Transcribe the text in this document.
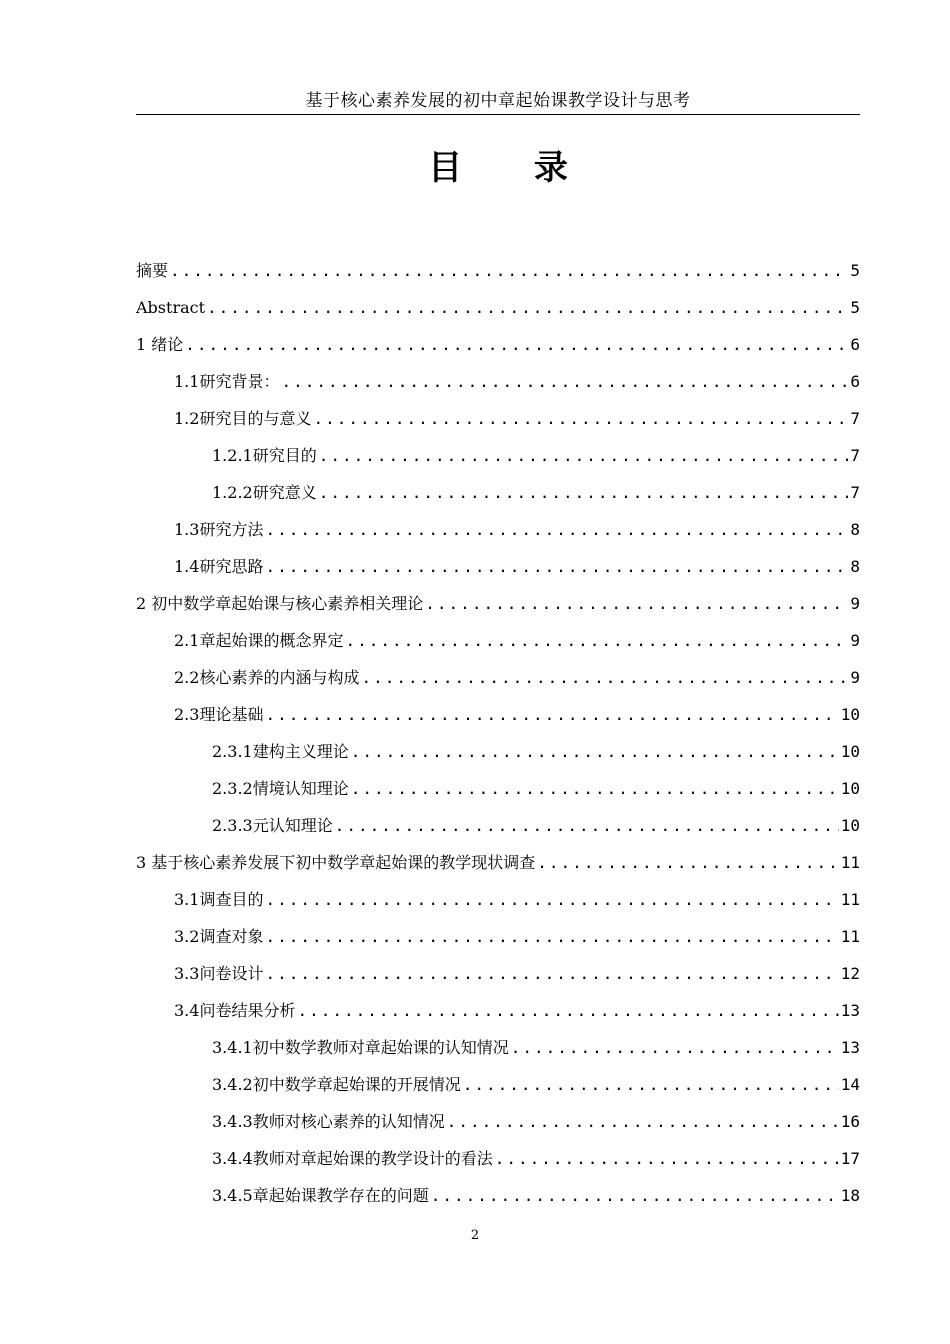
基于核心素养发展的初中章起始课教学设计与思考
目 录
摘要 .....	5
Abstract .....	5
1 绪论 .....	6
1.1研究背景： .....	6
1.2研究目的与意义 .....	7
1.2.1研究目的 .....	7
1.2.2研究意义 .....	7
1.3研究方法 .....	8
1.4研究思路 .....	8
2 初中数学章起始课与核心素养相关理论 .....	9
2.1章起始课的概念界定 .....	9
2.2核心素养的内涵与构成 .....	9
2.3理论基础 .....	10
2.3.1建构主义理论 .....	10
2.3.2情境认知理论 .....	10
2.3.3元认知理论 .....	10
3 基于核心素养发展下初中数学章起始课的教学现状调查 .....	11
3.1调查目的 .....	11
3.2调查对象 .....	11
3.3问卷设计 .....	12
3.4问卷结果分析 .....	13
3.4.1初中数学教师对章起始课的认知情况 .....	13
3.4.2初中数学章起始课的开展情况 .....	14
3.4.3教师对核心素养的认知情况 .....	16
3.4.4教师对章起始课的教学设计的看法 .....	17
3.4.5章起始课教学存在的问题 .....	18
2
